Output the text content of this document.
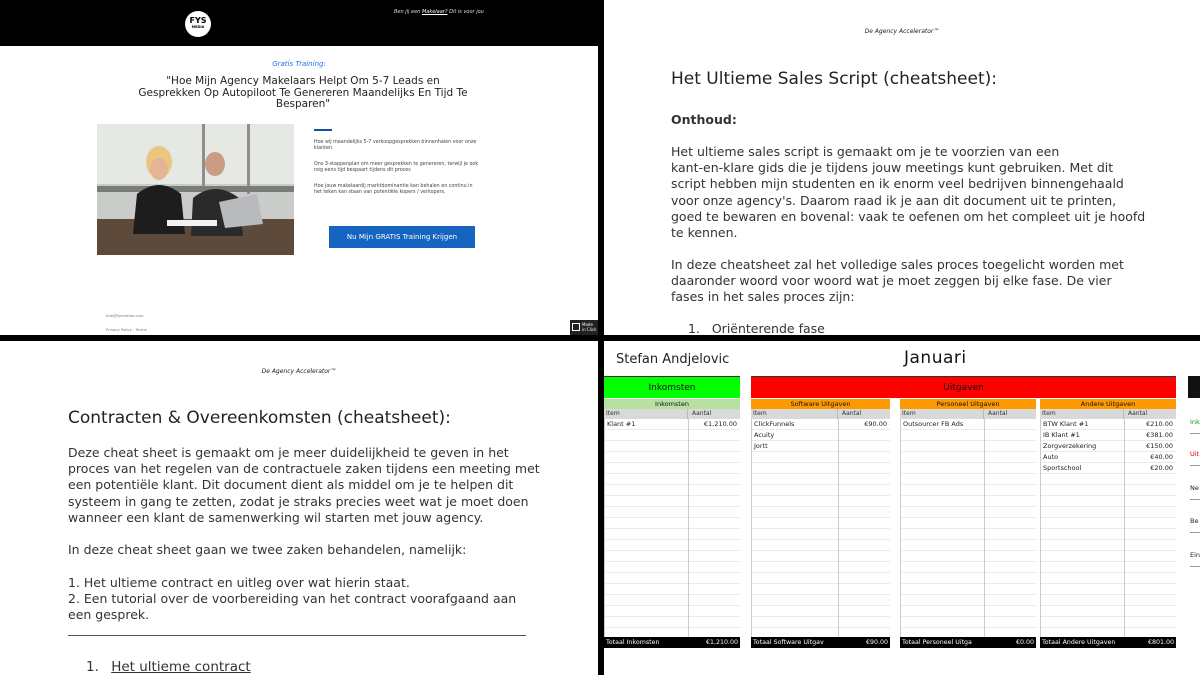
FYS
MEDIA
Ben jij een Makelaar? Dit is voor jou
Gratis Training:
"Hoe Mijn Agency Makelaars Helpt Om 5-7 Leads en Gesprekken Op Autopiloot Te Genereren Maandelijks En Tijd Te Besparen"
Hoe wij maandelijks 5-7 verkoopgesprekken binnenhalen voor onze klanten.
Ons 3-stappenplan om meer gesprekken te genereren, terwijl je ook nog eens tijd bespaart tijdens dit proces
Hoe jouw makelaardij marktdominantie kan behalen en continu in het teken kan staan van potentiële kopers / verkopers.
Nu Mijn GRATIS Training Krijgen
info@fysmedia.com
Privacy Policy · Terms
Made in Click
De Agency Accelerator™
Het Ultieme Sales Script (cheatsheet):
Onthoud:
Het ultieme sales script is gemaakt om je te voorzien van een
kant-en-klare gids die je tijdens jouw meetings kunt gebruiken. Met dit
script hebben mijn studenten en ik enorm veel bedrijven binnengehaald
voor onze agency's. Daarom raad ik je aan dit document uit te printen,
goed te bewaren en bovenal: vaak te oefenen om het compleet uit je hoofd
te kennen.
In deze cheatsheet zal het volledige sales proces toegelicht worden met
daaronder woord voor woord wat je moet zeggen bij elke fase. De vier
fases in het sales proces zijn:
1.   Oriënterende fase
De Agency Accelerator™
Contracten & Overeenkomsten (cheatsheet):
Deze cheat sheet is gemaakt om je meer duidelijkheid te geven in het
proces van het regelen van de contractuele zaken tijdens een meeting met
een potentiële klant. Dit document dient als middel om je te helpen dit
systeem in gang te zetten, zodat je straks precies weet wat je moet doen
wanneer een klant de samenwerking wil starten met jouw agency.
In deze cheat sheet gaan we twee zaken behandelen, namelijk:
1. Het ultieme contract en uitleg over wat hierin staat.
2. Een tutorial over de voorbereiding van het contract voorafgaand aan
een gesprek.
1. Het ultieme contract
Stefan Andjelovic	Januari
Inkomsten	Uitgaven
Inkomsten
Item	Aantal
Klant #1	€1,210.00
Totaal Inkomsten	€1,210.00
Software Uitgaven
Item	Aantal
ClickFunnels	€90.00
Acuity
Jortt
Totaal Software Uitgav	€90.00
Personeel Uitgaven
Item	Aantal
Outsourcer FB Ads
Totaal Personeel Uitga	€0.00
Andere Uitgaven
Item	Aantal
BTW Klant #1	€210.00
IB Klant #1	€381.00
Zorgverzekering	€150.00
Auto	€40.00
Sportschool	€20.00
Totaal Andere Uitgaven	€801.00
Ink
Uit
Ne
Be
Ein
